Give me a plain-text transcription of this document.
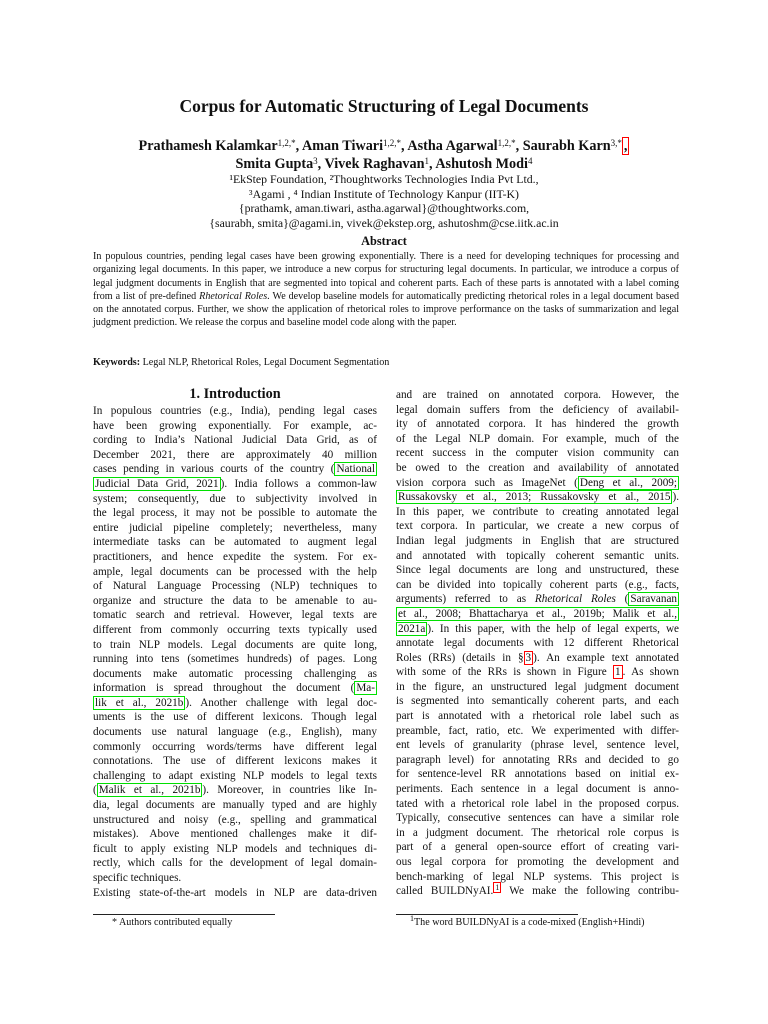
Corpus for Automatic Structuring of Legal Documents
Prathamesh Kalamkar$^{1,2,*}$, Aman Tiwari$^{1,2,*}$, Astha Agarwal$^{1,2,*}$, Saurabh Karn$^{3,*}$ ,
Smita Gupta$^3$, Vivek Raghavan$^1$, Ashutosh Modi$^4$
¹EkStep Foundation, ²Thoughtworks Technologies India Pvt Ltd.,
³Agami , ⁴ Indian Institute of Technology Kanpur (IIT-K)
{prathamk, aman.tiwari, astha.agarwal}@thoughtworks.com,
{saurabh, smita}@agami.in, vivek@ekstep.org, ashutoshm@cse.iitk.ac.in
Abstract
In populous countries, pending legal cases have been growing exponentially. There is a need for developing techniques for processing and organizing legal documents. In this paper, we introduce a new corpus for structuring legal documents. In particular, we introduce a corpus of legal judgment documents in English that are segmented into topical and coherent parts. Each of these parts is annotated with a label coming from a list of pre-defined Rhetorical Roles. We develop baseline models for automatically predicting rhetorical roles in a legal document based on the annotated corpus. Further, we show the application of rhetorical roles to improve performance on the tasks of summarization and legal judgment prediction. We release the corpus and baseline model code along with the paper.
Keywords: Legal NLP, Rhetorical Roles, Legal Document Segmentation
1. Introduction
In populous countries (e.g., India), pending legal cases
have been growing exponentially. For example, ac-
cording to India’s National Judicial Data Grid, as of
December 2021, there are approximately 40 million
cases pending in various courts of the country ( National
Judicial Data Grid, 2021 ). India follows a common-law
system; consequently, due to subjectivity involved in
the legal process, it may not be possible to automate the
entire judicial pipeline completely; nevertheless, many
intermediate tasks can be automated to augment legal
practitioners, and hence expedite the system. For ex-
ample, legal documents can be processed with the help
of Natural Language Processing (NLP) techniques to
organize and structure the data to be amenable to au-
tomatic search and retrieval. However, legal texts are
different from commonly occurring texts typically used
to train NLP models. Legal documents are quite long,
running into tens (sometimes hundreds) of pages. Long
documents make automatic processing challenging as
information is spread throughout the document ( Ma-
lik et al., 2021b ). Another challenge with legal doc-
uments is the use of different lexicons. Though legal
documents use natural language (e.g., English), many
commonly occurring words/terms have different legal
connotations. The use of different lexicons makes it
challenging to adapt existing NLP models to legal texts
( Malik et al., 2021b ). Moreover, in countries like In-
dia, legal documents are manually typed and are highly
unstructured and noisy (e.g., spelling and grammatical
mistakes). Above mentioned challenges make it dif-
ficult to apply existing NLP models and techniques di-
rectly, which calls for the development of legal domain-
specific techniques.
Existing state-of-the-art models in NLP are data-driven
and are trained on annotated corpora. However, the
legal domain suffers from the deficiency of availabil-
ity of annotated corpora. It has hindered the growth
of the Legal NLP domain. For example, much of the
recent success in the computer vision community can
be owed to the creation and availability of annotated
vision corpora such as ImageNet ( Deng et al., 2009;
Russakovsky et al., 2013; Russakovsky et al., 2015 ).
In this paper, we contribute to creating annotated legal
text corpora. In particular, we create a new corpus of
Indian legal judgments in English that are structured
and annotated with topically coherent semantic units.
Since legal documents are long and unstructured, these
can be divided into topically coherent parts (e.g., facts,
arguments) referred to as Rhetorical Roles ( Saravanan
et al., 2008; Bhattacharya et al., 2019b; Malik et al.,
2021a ). In this paper, with the help of legal experts, we
annotate legal documents with 12 different Rhetorical
Roles (RRs) (details in § 3 ). An example text annotated
with some of the RRs is shown in Figure 1 . As shown
in the figure, an unstructured legal judgment document
is segmented into semantically coherent parts, and each
part is annotated with a rhetorical role label such as
preamble, fact, ratio, etc. We experimented with differ-
ent levels of granularity (phrase level, sentence level,
paragraph level) for annotating RRs and decided to go
for sentence-level RR annotations based on initial ex-
periments. Each sentence in a legal document is anno-
tated with a rhetorical role label in the proposed corpus.
Typically, consecutive sentences can have a similar role
in a judgment document. The rhetorical role corpus is
part of a general open-source effort of creating vari-
ous legal corpora for promoting the development and
bench-marking of legal NLP systems. This project is
called BUILDNyAI. $^1$ We make the following contribu-
* Authors contributed equally	$^1$The word BUILDNyAI is a code-mixed (English+Hindi)
